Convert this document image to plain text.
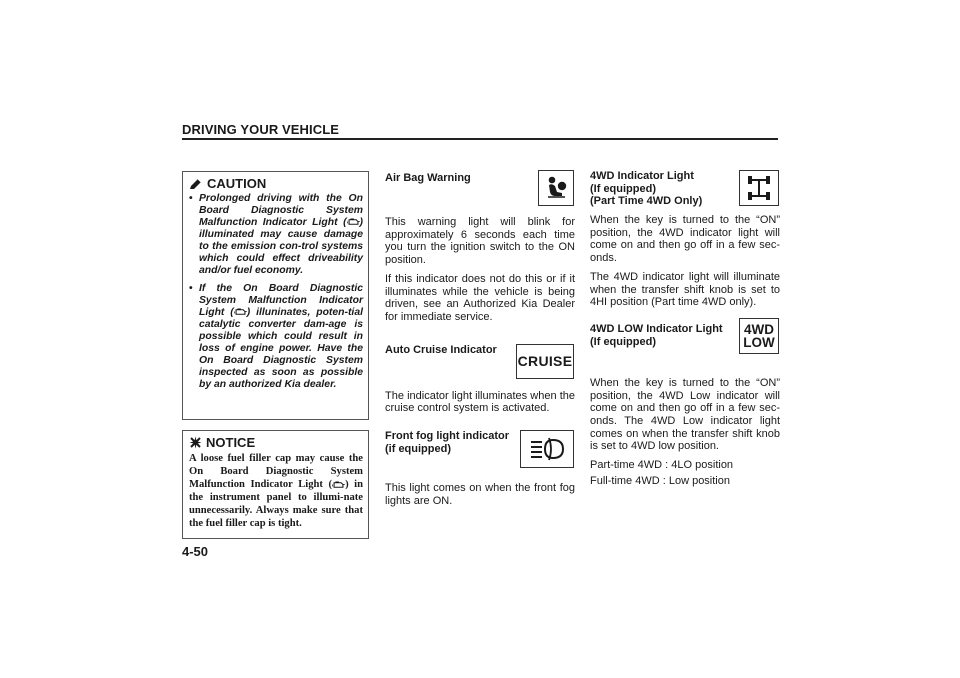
DRIVING YOUR VEHICLE
CAUTION
• Prolonged driving with the On Board Diagnostic System Malfunction Indicator Light ( ) illuminated may cause damage to the emission con-trol systems which could effect driveability and/or fuel economy.
• If the On Board Diagnostic System Malfunction Indicator Light ( ) illuninates, poten-tial catalytic converter dam-age is possible which could result in loss of engine power. Have the On Board Diagnostic System inspected as soon as possible by an authorized Kia dealer.
NOTICE
A loose fuel filler cap may cause the On Board Diagnostic System Malfunction Indicator Light ( ) in the instrument panel to illumi-nate unnecessarily. Always make sure that the fuel filler cap is tight.
4-50
Air Bag Warning

This warning light will blink for approximately 6 seconds each time you turn the ignition switch to the ON position.

If this indicator does not do this or if it illuminates while the vehicle is being driven, see an Authorized Kia Dealer for immediate service.

Auto Cruise Indicator
CRUISE

The indicator light illuminates when the cruise control system is activated.

Front fog light indicator
(if equipped)

This light comes on when the front fog lights are ON.

4WD Indicator Light
(If equipped)
(Part Time 4WD Only)

When the key is turned to the “ON” position, the 4WD indicator light will come on and then go off in a few sec-onds.

The 4WD indicator light will illuminate when the transfer shift knob is set to 4HI position (Part time 4WD only).

4WD LOW Indicator Light
(If equipped)
4WD
LOW

When the key is turned to the “ON” position, the 4WD Low indicator will come on and then go off in a few sec-onds. The 4WD Low indicator light comes on when the transfer shift knob is set to 4WD low position.

Part-time 4WD : 4LO position

Full-time 4WD : Low position
